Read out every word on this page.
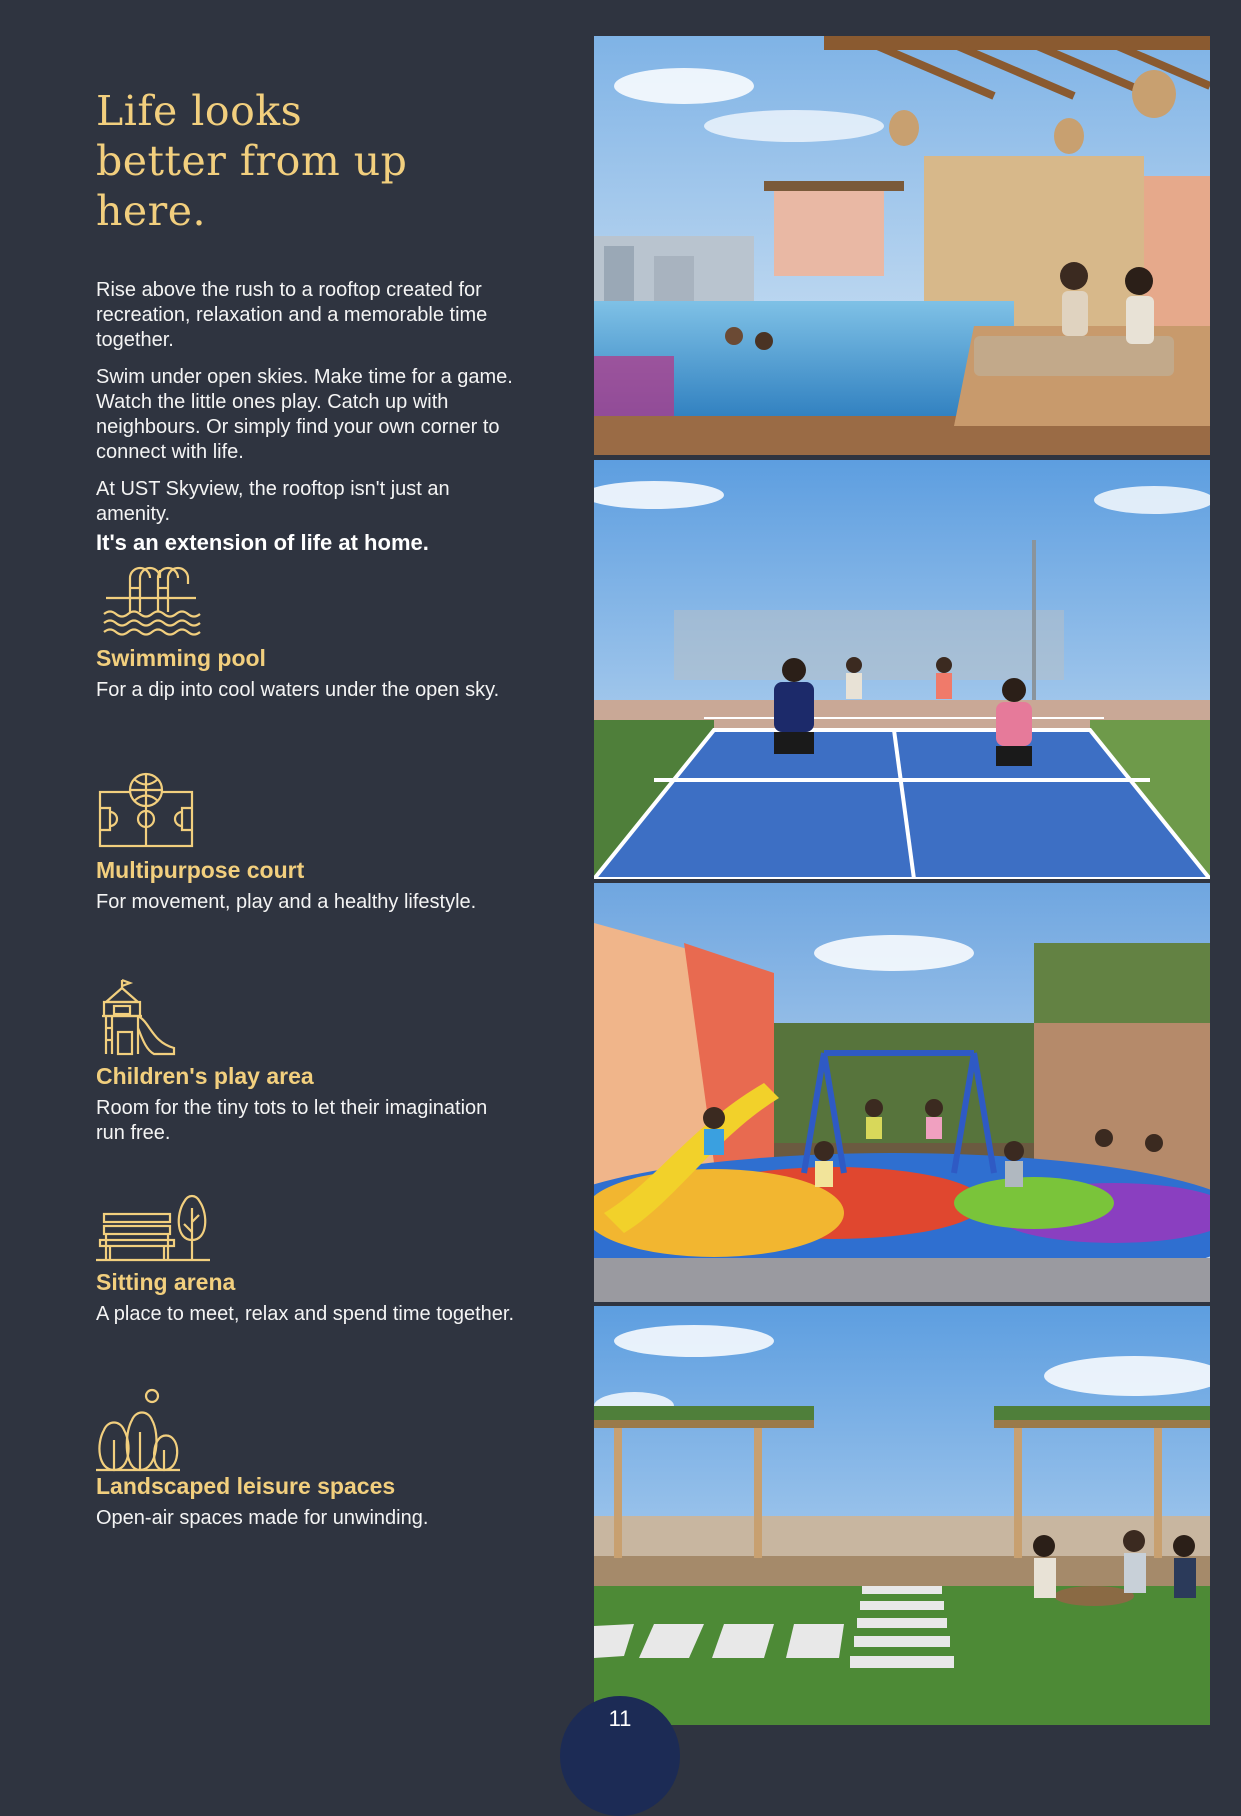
Life looks
better from up here.

Rise above the rush to a rooftop created for recreation, relaxation and a memorable time together.

Swim under open skies. Make time for a game. Watch the little ones play. Catch up with neighbours. Or simply find your own corner to connect with life.

At UST Skyview, the rooftop isn't just an amenity.

It's an extension of life at home.

Swimming pool

For a dip into cool waters under the open sky.

Multipurpose court

For movement, play and a healthy lifestyle.

Children's play area

Room for the tiny tots to let their imagination run free.

Sitting arena

A place to meet, relax and spend time together.

Landscaped leisure spaces

Open-air spaces made for unwinding.

11
